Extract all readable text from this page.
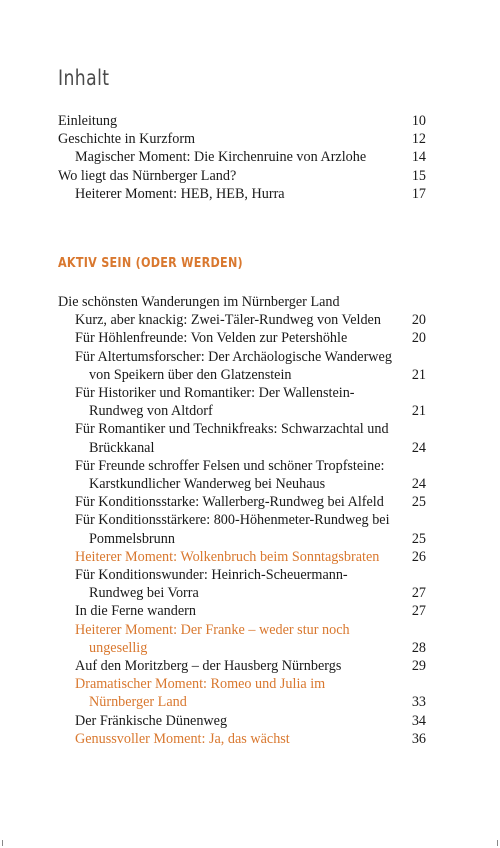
Inhalt
Einleitung	10
Geschichte in Kurzform	12
Magischer Moment: Die Kirchenruine von Arzlohe	14
Wo liegt das Nürnberger Land?	15
Heiterer Moment: HEB, HEB, Hurra	17
AKTIV SEIN (ODER WERDEN)
Die schönsten Wanderungen im Nürnberger Land
Kurz, aber knackig: Zwei-Täler-Rundweg von Velden	20
Für Höhlenfreunde: Von Velden zur Petershöhle	20
Für Altertumsforscher: Der Archäologische Wanderweg von Speikern über den Glatzenstein	21
Für Historiker und Romantiker: Der Wallenstein-Rundweg von Altdorf	21
Für Romantiker und Technikfreaks: Schwarzachtal und Brückkanal	24
Für Freunde schroffer Felsen und schöner Tropfsteine: Karstkundlicher Wanderweg bei Neuhaus	24
Für Konditionsstarke: Wallerberg-Rundweg bei Alfeld	25
Für Konditionsstärkere: 800-Höhenmeter-Rundweg bei Pommelsbrunn	25
Heiterer Moment: Wolkenbruch beim Sonntagsbraten	26
Für Konditionswunder: Heinrich-Scheuermann-Rundweg bei Vorra	27
In die Ferne wandern	27
Heiterer Moment: Der Franke – weder stur noch ungesellig	28
Auf den Moritzberg – der Hausberg Nürnbergs	29
Dramatischer Moment: Romeo und Julia im Nürnberger Land	33
Der Fränkische Dünenweg	34
Genussvoller Moment: Ja, das wächst	36
